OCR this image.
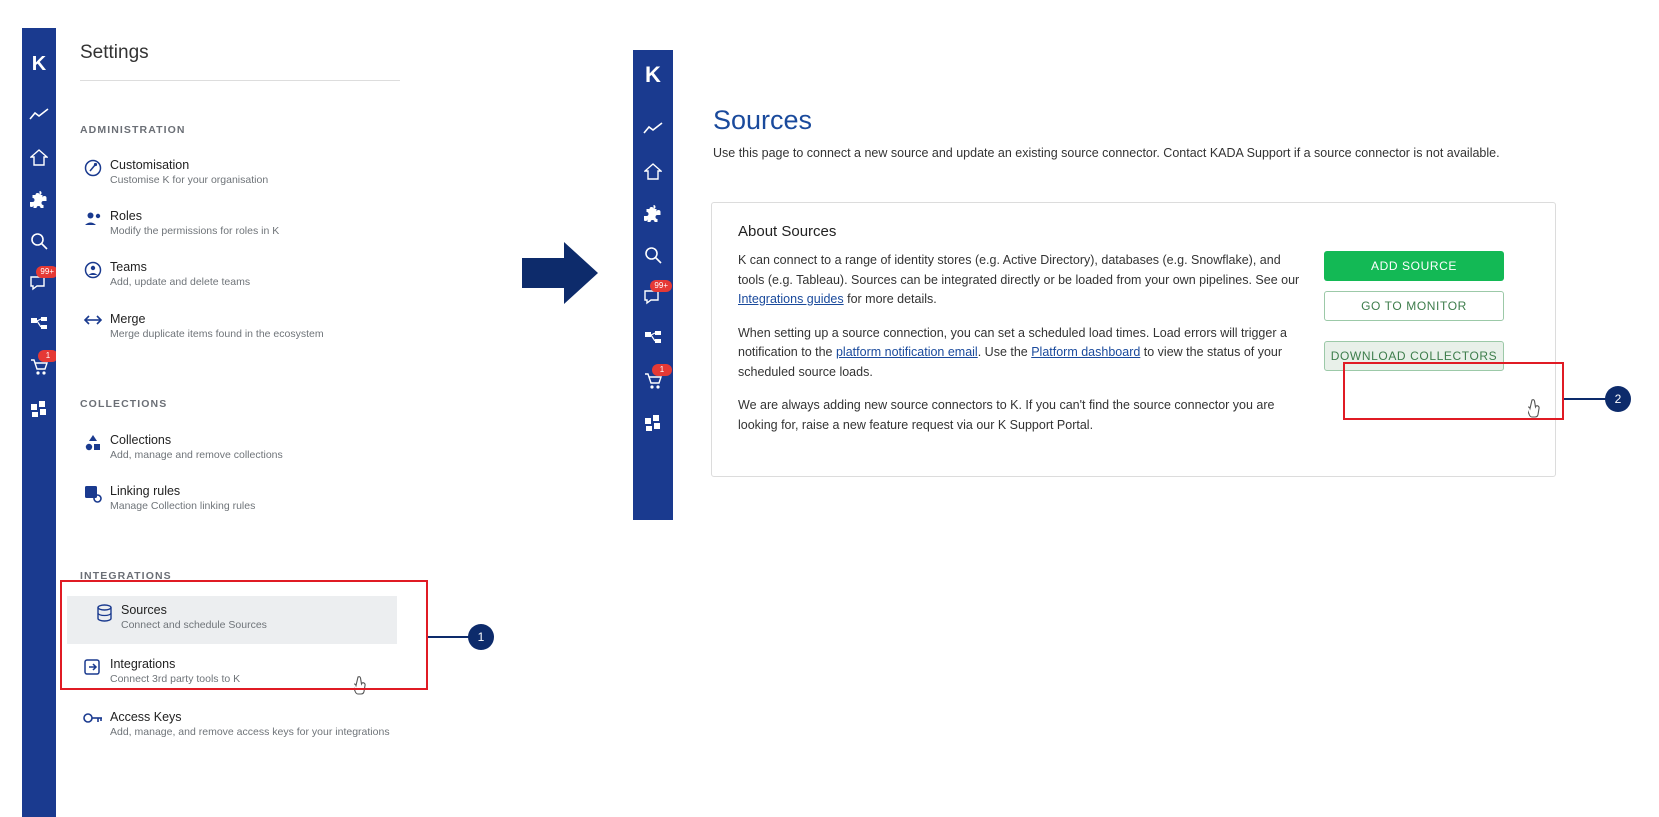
K
99+
1
Settings
ADMINISTRATION
Customisation
Customise K for your organisation
Roles
Modify the permissions for roles in K
Teams
Add, update and delete teams
Merge
Merge duplicate items found in the ecosystem
COLLECTIONS
Collections
Add, manage and remove collections
Linking rules
Manage Collection linking rules
INTEGRATIONS
Sources
Connect and schedule Sources
Integrations
Connect 3rd party tools to K
Access Keys
Add, manage, and remove access keys for your integrations
1
K
99+
1
Sources
Use this page to connect a new source and update an existing source connector. Contact KADA Support if a source connector is not available.
About Sources

K can connect to a range of identity stores (e.g. Active Directory), databases (e.g. Snowflake), and tools (e.g. Tableau). Sources can be integrated directly or be loaded from your own pipelines. See our Integrations guides for more details.

When setting up a source connection, you can set a scheduled load times. Load errors will trigger a notification to the platform notification email. Use the Platform dashboard to view the status of your scheduled source loads.

We are always adding new source connectors to K. If you can't find the source connector you are looking for, raise a new feature request via our K Support Portal.

ADD SOURCE
GO TO MONITOR
DOWNLOAD COLLECTORS
2
